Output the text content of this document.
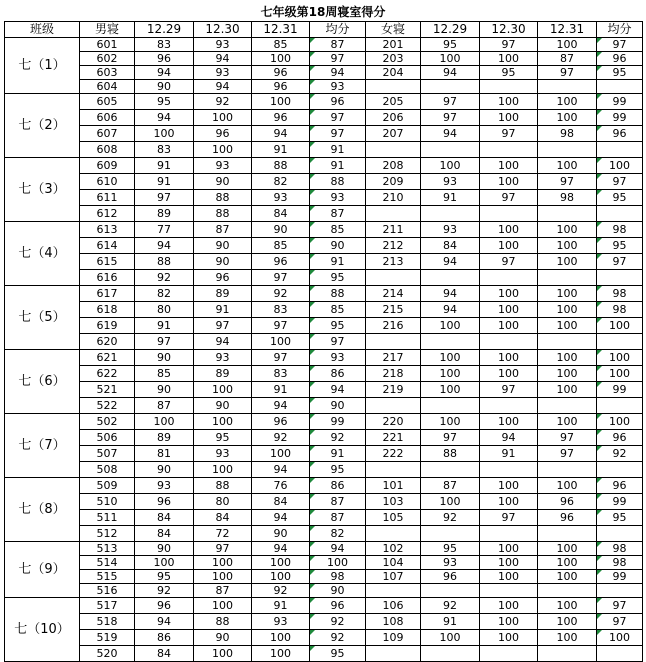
七年级第18周寝室得分
班级	男寝	12.29	12.30	12.31	均分	女寝	12.29	12.30	12.31	均分
七（1）	601	83	93	85	87	201	95	97	100	97
	602	96	94	100	97	203	100	100	87	96
	603	94	93	96	94	204	94	95	97	95
	604	90	94	96	93					
七（2）	605	95	92	100	96	205	97	100	100	99
	606	94	100	96	97	206	97	100	100	99
	607	100	96	94	97	207	94	97	98	96
	608	83	100	91	91					
七（3）	609	91	93	88	91	208	100	100	100	100
	610	91	90	82	88	209	93	100	97	97
	611	97	88	93	93	210	91	97	98	95
	612	89	88	84	87					
七（4）	613	77	87	90	85	211	93	100	100	98
	614	94	90	85	90	212	84	100	100	95
	615	88	90	96	91	213	94	97	100	97
	616	92	96	97	95					
七（5）	617	82	89	92	88	214	94	100	100	98
	618	80	91	83	85	215	94	100	100	98
	619	91	97	97	95	216	100	100	100	100
	620	97	94	100	97					
七（6）	621	90	93	97	93	217	100	100	100	100
	622	85	89	83	86	218	100	100	100	100
	521	90	100	91	94	219	100	97	100	99
	522	87	90	94	90					
七（7）	502	100	100	96	99	220	100	100	100	100
	506	89	95	92	92	221	97	94	97	96
	507	81	93	100	91	222	88	91	97	92
	508	90	100	94	95					
七（8）	509	93	88	76	86	101	87	100	100	96
	510	96	80	84	87	103	100	100	96	99
	511	84	84	94	87	105	92	97	96	95
	512	84	72	90	82					
七（9）	513	90	97	94	94	102	95	100	100	98
	514	100	100	100	100	104	93	100	100	98
	515	95	100	100	98	107	96	100	100	99
	516	92	87	92	90					
七（10）	517	96	100	91	96	106	92	100	100	97
	518	94	88	93	92	108	91	100	100	97
	519	86	90	100	92	109	100	100	100	100
	520	84	100	100	95					
